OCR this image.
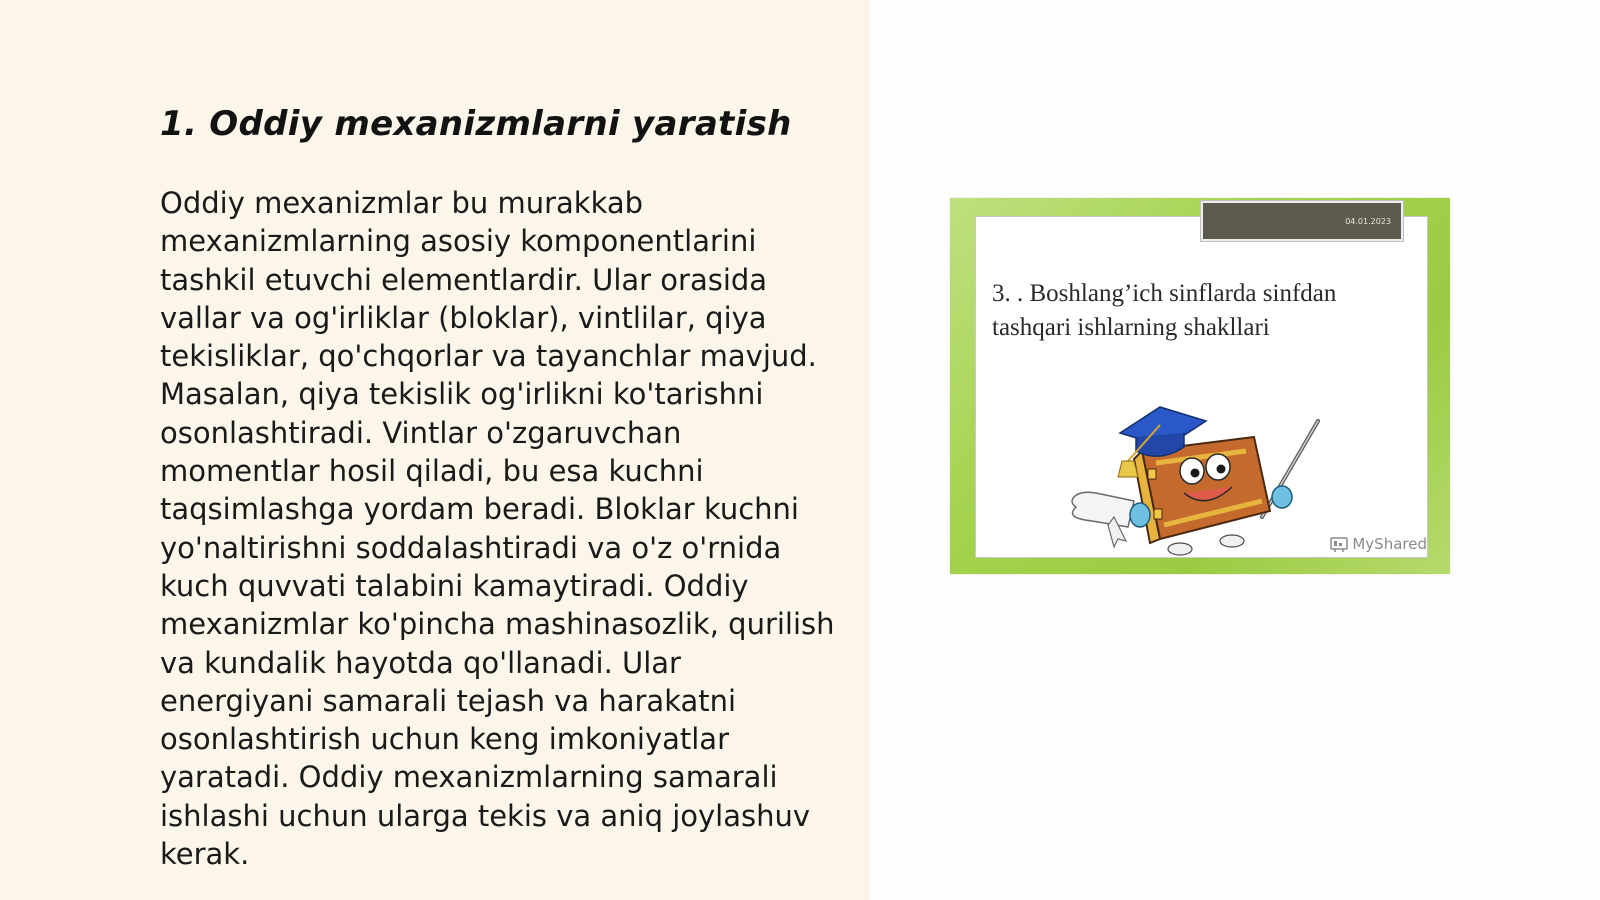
1. Oddiy mexanizmlarni yaratish

Oddiy mexanizmlar bu murakkab mexanizmlarning asosiy komponentlarini tashkil etuvchi elementlardir. Ular orasida vallar va og'irliklar (bloklar), vintlilar, qiya tekisliklar, qo'chqorlar va tayanchlar mavjud. Masalan, qiya tekislik og'irlikni ko'tarishni osonlashtiradi. Vintlar o'zgaruvchan momentlar hosil qiladi, bu esa kuchni taqsimlashga yordam beradi. Bloklar kuchni yo'naltirishni soddalashtiradi va o'z o'rnida kuch quvvati talabini kamaytiradi. Oddiy mexanizmlar ko'pincha mashinasozlik, qurilish va kundalik hayotda qo'llanadi. Ular energiyani samarali tejash va harakatni osonlashtirish uchun keng imkoniyatlar yaratadi. Oddiy mexanizmlarning samarali ishlashi uchun ularga tekis va aniq joylashuv kerak.

04.01.2023
3. . Boshlang’ich sinflarda sinfdan tashqari ishlarning shakllari
MyShared
